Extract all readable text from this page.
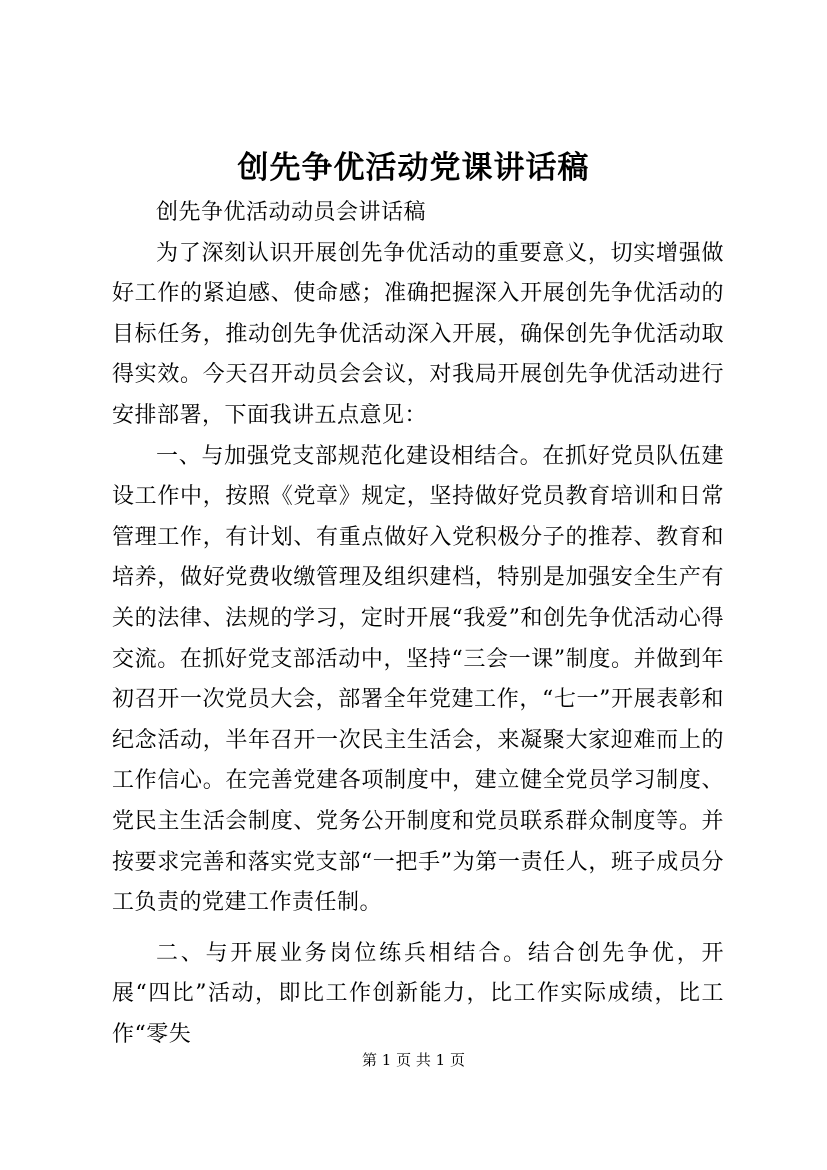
创先争优活动党课讲话稿

创先争优活动动员会讲话稿

为了深刻认识开展创先争优活动的重要意义，切实增强做好工作的紧迫感、使命感；准确把握深入开展创先争优活动的目标任务，推动创先争优活动深入开展，确保创先争优活动取得实效。今天召开动员会会议，对我局开展创先争优活动进行安排部署，下面我讲五点意见：

一、与加强党支部规范化建设相结合。在抓好党员队伍建设工作中，按照《党章》规定，坚持做好党员教育培训和日常管理工作，有计划、有重点做好入党积极分子的推荐、教育和培养，做好党费收缴管理及组织建档，特别是加强安全生产有关的法律、法规的学习，定时开展“我爱”和创先争优活动心得交流。在抓好党支部活动中，坚持“三会一课”制度。并做到年初召开一次党员大会，部署全年党建工作，“七一”开展表彰和纪念活动，半年召开一次民主生活会，来凝聚大家迎难而上的工作信心。在完善党建各项制度中，建立健全党员学习制度、党民主生活会制度、党务公开制度和党员联系群众制度等。并按要求完善和落实党支部“一把手”为第一责任人，班子成员分工负责的党建工作责任制。

二、与开展业务岗位练兵相结合。结合创先争优，开展“四比”活动，即比工作创新能力，比工作实际成绩，比工作“零失

第 1 页 共 1 页
